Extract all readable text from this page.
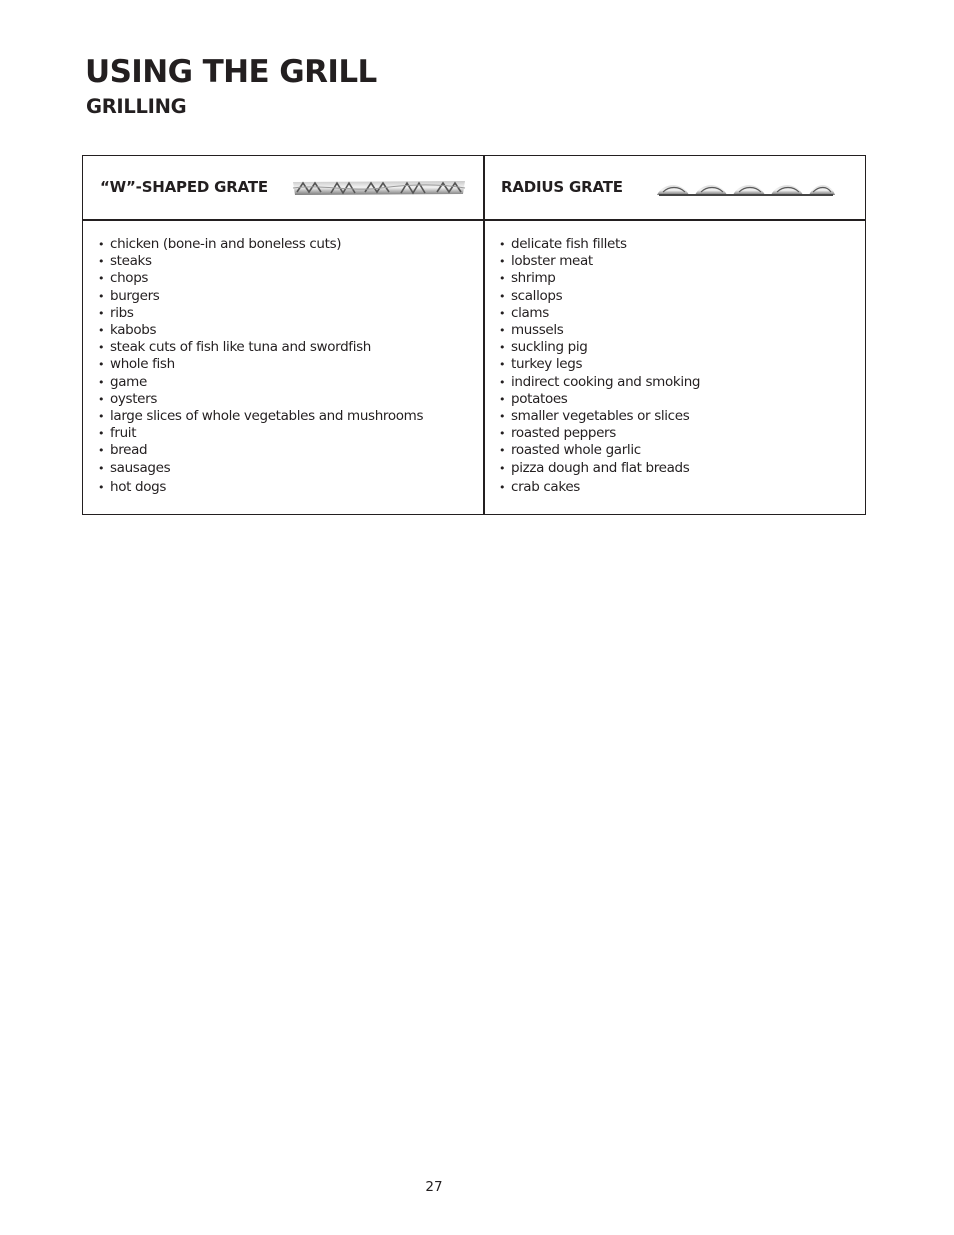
USING THE GRILL
GRILLING
“W”-SHAPED GRATE	RADIUS GRATE
• chicken (bone-in and boneless cuts)
• steaks
• chops
• burgers
• ribs
• kabobs
• steak cuts of fish like tuna and swordfish
• whole fish
• game
• oysters
• large slices of whole vegetables and mushrooms
• fruit
• bread
• sausages
• hot dogs
• delicate fish fillets
• lobster meat
• shrimp
• scallops
• clams
• mussels
• suckling pig
• turkey legs
• indirect cooking and smoking
• potatoes
• smaller vegetables or slices
• roasted peppers
• roasted whole garlic
• pizza dough and flat breads
• crab cakes
27
